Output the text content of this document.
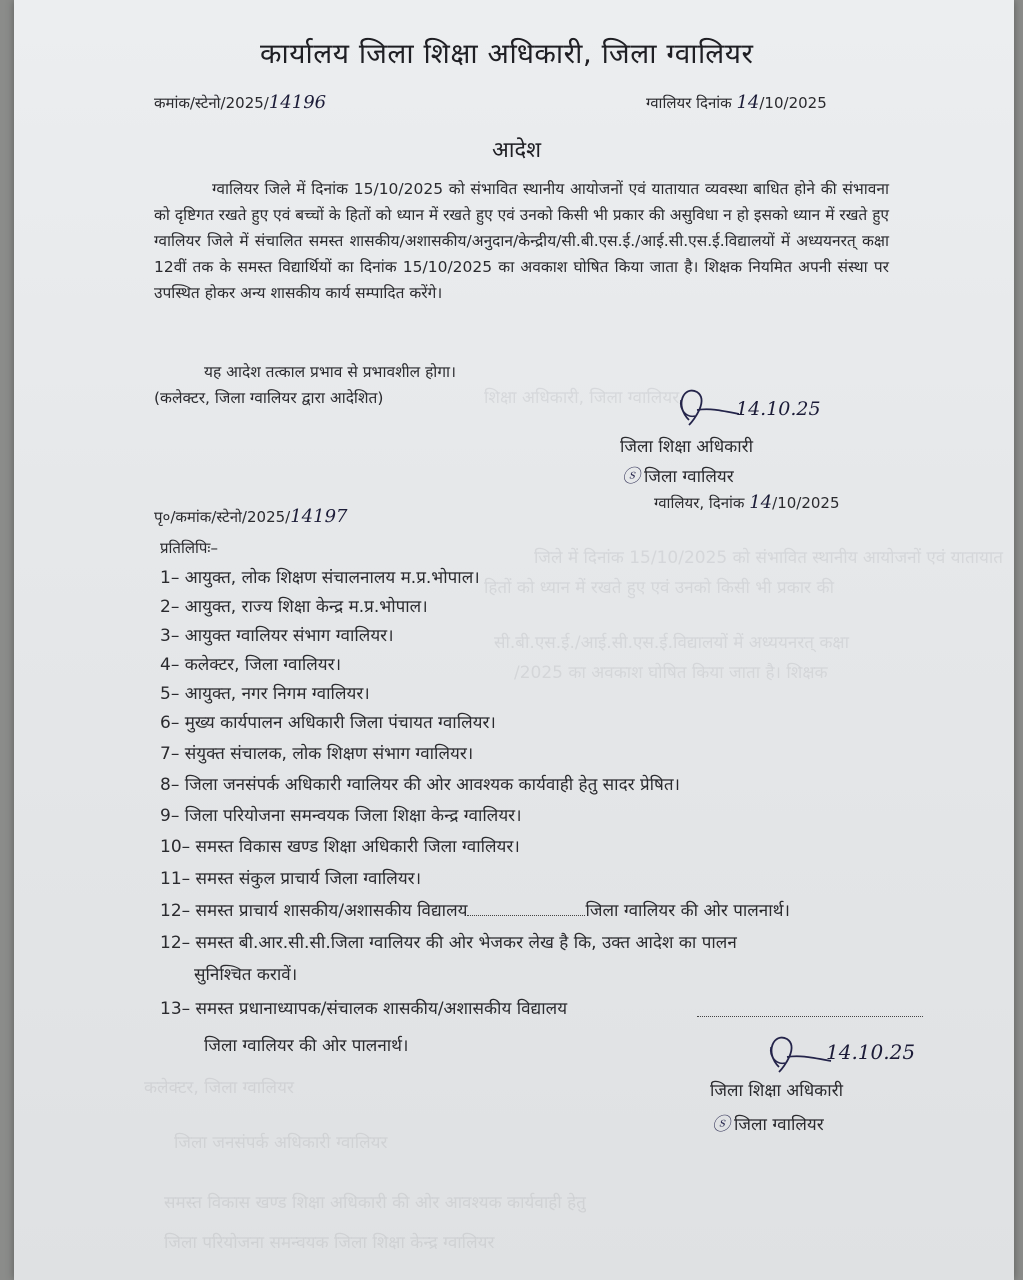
शिक्षा अधिकारी, जिला ग्वालियर
जिले में दिनांक 15/10/2025 को संभावित स्थानीय आयोजनों एवं यातायात
हितों को ध्यान में रखते हुए एवं उनको किसी भी प्रकार की
सी.बी.एस.ई./आई.सी.एस.ई.विद्यालयों में अध्ययनरत् कक्षा
/2025 का अवकाश घोषित किया जाता है। शिक्षक
कलेक्टर, जिला ग्वालियर
जिला जनसंपर्क अधिकारी ग्वालियर
समस्त विकास खण्ड शिक्षा अधिकारी की ओर आवश्यक कार्यवाही हेतु
जिला परियोजना समन्वयक जिला शिक्षा केन्द्र ग्वालियर
कार्यालय जिला शिक्षा अधिकारी, जिला ग्वालियर
कमांक/स्टेनो/2025/14196	ग्वालियर दिनांक 14/10/2025
आदेश
ग्वालियर जिले में दिनांक 15/10/2025 को संभावित स्थानीय आयोजनों एवं यातायात व्यवस्था बाधित होने की संभावना को दृष्टिगत रखते हुए एवं बच्चों के हितों को ध्यान में रखते हुए एवं उनको किसी भी प्रकार की असुविधा न हो इसको ध्यान में रखते हुए ग्वालियर जिले में संचालित समस्त शासकीय/अशासकीय/अनुदान/केन्द्रीय/सी.बी.एस.ई./आई.सी.एस.ई.विद्यालयों में अध्ययनरत् कक्षा 12वीं तक के समस्त विद्यार्थियों का दिनांक 15/10/2025 का अवकाश घोषित किया जाता है। शिक्षक नियमित अपनी संस्था पर उपस्थित होकर अन्य शासकीय कार्य सम्पादित करेंगे।
यह आदेश तत्काल प्रभाव से प्रभावशील होगा।
(कलेक्टर, जिला ग्वालियर द्वारा आदेशित)	14.10.25
जिला शिक्षा अधिकारी
ⓢ जिला ग्वालियर
ग्वालियर, दिनांक 14/10/2025
पृ०/कमांक/स्टेनो/2025/14197
प्रतिलिपिः–
1– आयुक्त, लोक शिक्षण संचालनालय म.प्र.भोपाल।
2– आयुक्त, राज्य शिक्षा केन्द्र म.प्र.भोपाल।
3– आयुक्त ग्वालियर संभाग ग्वालियर।
4– कलेक्टर, जिला ग्वालियर।
5– आयुक्त, नगर निगम ग्वालियर।
6– मुख्य कार्यपालन अधिकारी जिला पंचायत ग्वालियर।
7– संयुक्त संचालक, लोक शिक्षण संभाग ग्वालियर।
8– जिला जनसंपर्क अधिकारी ग्वालियर की ओर आवश्यक कार्यवाही हेतु सादर प्रेषित।
9– जिला परियोजना समन्वयक जिला शिक्षा केन्द्र ग्वालियर।
10– समस्त विकास खण्ड शिक्षा अधिकारी जिला ग्वालियर।
11– समस्त संकुल प्राचार्य जिला ग्वालियर।
12– समस्त प्राचार्य शासकीय/अशासकीय विद्यालय	जिला ग्वालियर की ओर पालनार्थ।
12– समस्त बी.आर.सी.सी.जिला ग्वालियर की ओर भेजकर लेख है कि, उक्त आदेश का पालन
सुनिश्चित करावें।
13– समस्त प्रधानाध्यापक/संचालक शासकीय/अशासकीय विद्यालय
जिला ग्वालियर की ओर पालनार्थ।	14.10.25
जिला शिक्षा अधिकारी
ⓢ जिला ग्वालियर
